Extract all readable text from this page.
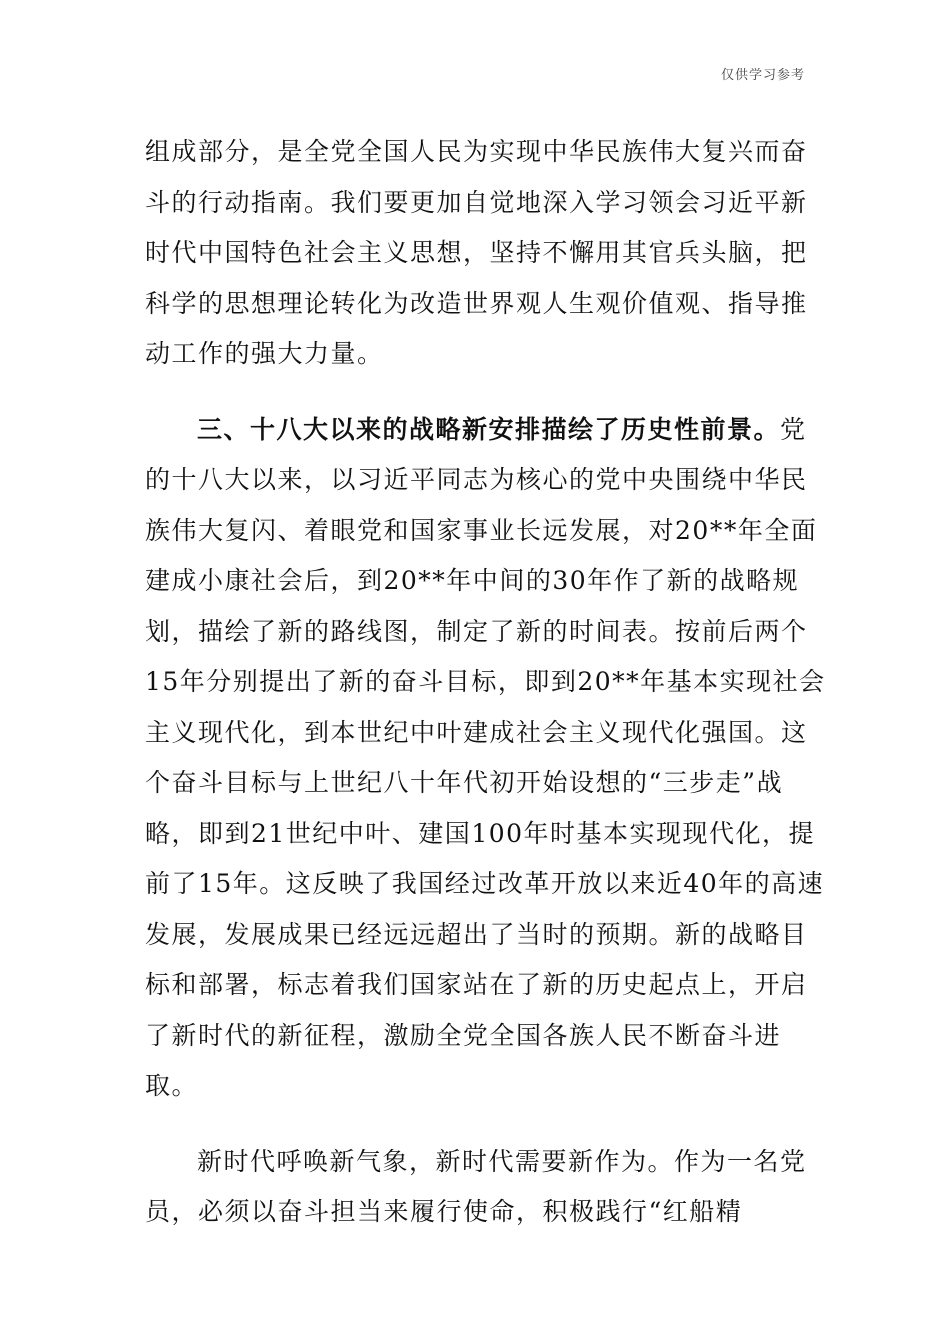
仅供学习参考
组成部分，是全党全国人民为实现中华民族伟大复兴而奋
斗的行动指南。我们要更加自觉地深入学习领会习近平新
时代中国特色社会主义思想，坚持不懈用其官兵头脑，把
科学的思想理论转化为改造世界观人生观价值观、指导推
动工作的强大力量。
三、十八大以来的战略新安排描绘了历史性前景。党
的十八大以来，以习近平同志为核心的党中央围绕中华民
族伟大复闪、着眼党和国家事业长远发展，对20**年全面
建成小康社会后，到20**年中间的30年作了新的战略规
划，描绘了新的路线图，制定了新的时间表。按前后两个
15年分别提出了新的奋斗目标，即到20**年基本实现社会
主义现代化，到本世纪中叶建成社会主义现代化强国。这
个奋斗目标与上世纪八十年代初开始设想的“三步走”战
略，即到21世纪中叶、建国100年时基本实现现代化，提
前了15年。这反映了我国经过改革开放以来近40年的高速
发展，发展成果已经远远超出了当时的预期。新的战略目
标和部署，标志着我们国家站在了新的历史起点上，开启
了新时代的新征程，激励全党全国各族人民不断奋斗进
取。
新时代呼唤新气象，新时代需要新作为。作为一名党
员，必须以奋斗担当来履行使命，积极践行“红船精
